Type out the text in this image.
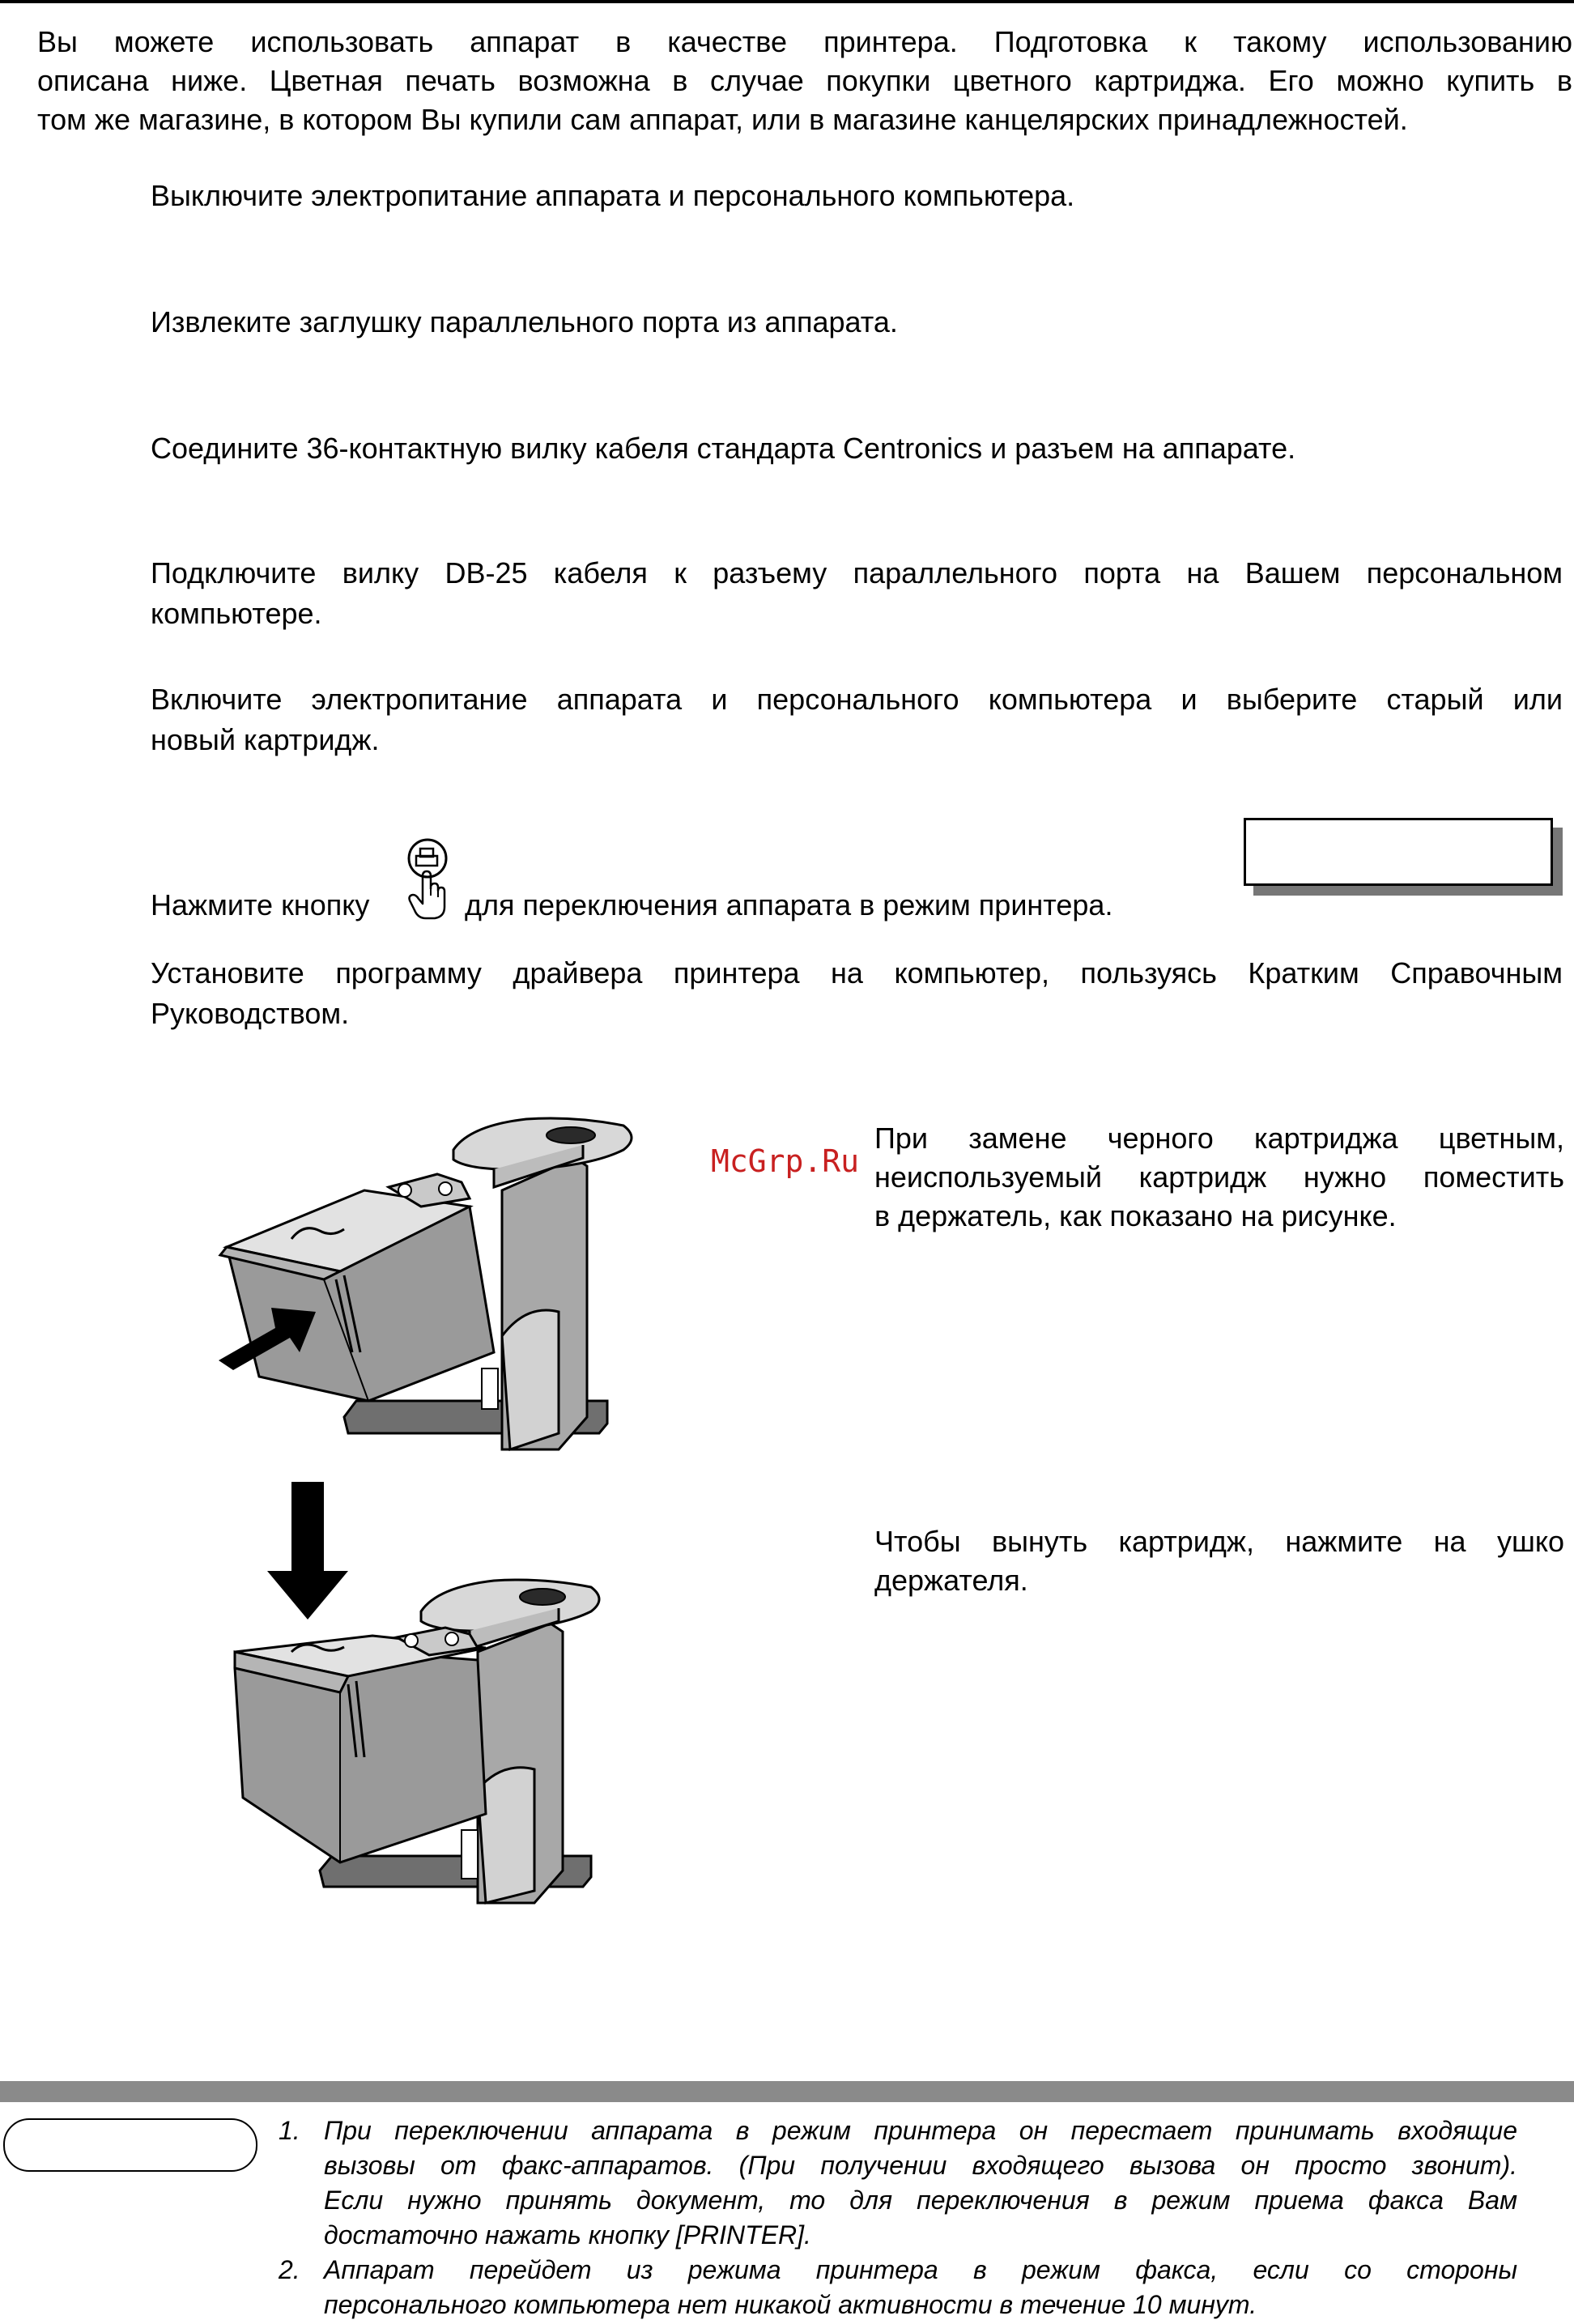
Вы можете использовать аппарат в качестве принтера. Подготовка к такому использованию
описана ниже. Цветная печать возможна в случае покупки цветного картриджа. Его можно купить в
том же магазине, в котором Вы купили сам аппарат, или в магазине канцелярских принадлежностей.
Выключите электропитание аппарата и персонального компьютера.
Извлеките заглушку параллельного порта из аппарата.
Соедините 36-контактную вилку кабеля стандарта Centronics и разъем на аппарате.
Подключите вилку DB-25 кабеля к разъему параллельного порта на Вашем персональном
компьютере.
Включите электропитание аппарата и персонального компьютера и выберите старый или
новый картридж.
Нажмите кнопку	для переключения аппарата в режим принтера.
Установите программу драйвера принтера на компьютер, пользуясь Кратким Справочным
Руководством.
McGrp.Ru
При замене черного картриджа цветным,
неиспользуемый картридж нужно поместить
в держатель, как показано на рисунке.
Чтобы вынуть картридж, нажмите на ушко
держателя.
1. При переключении аппарата в режим принтера он перестает принимать входящие
вызовы от факс-аппаратов. (При получении входящего вызова он просто звонит).
Если нужно принять документ, то для переключения в режим приема факса Вам
достаточно нажать кнопку [PRINTER].
2. Аппарат перейдет из режима принтера в режим факса, если со стороны
персонального компьютера нет никакой активности в течение 10 минут.
